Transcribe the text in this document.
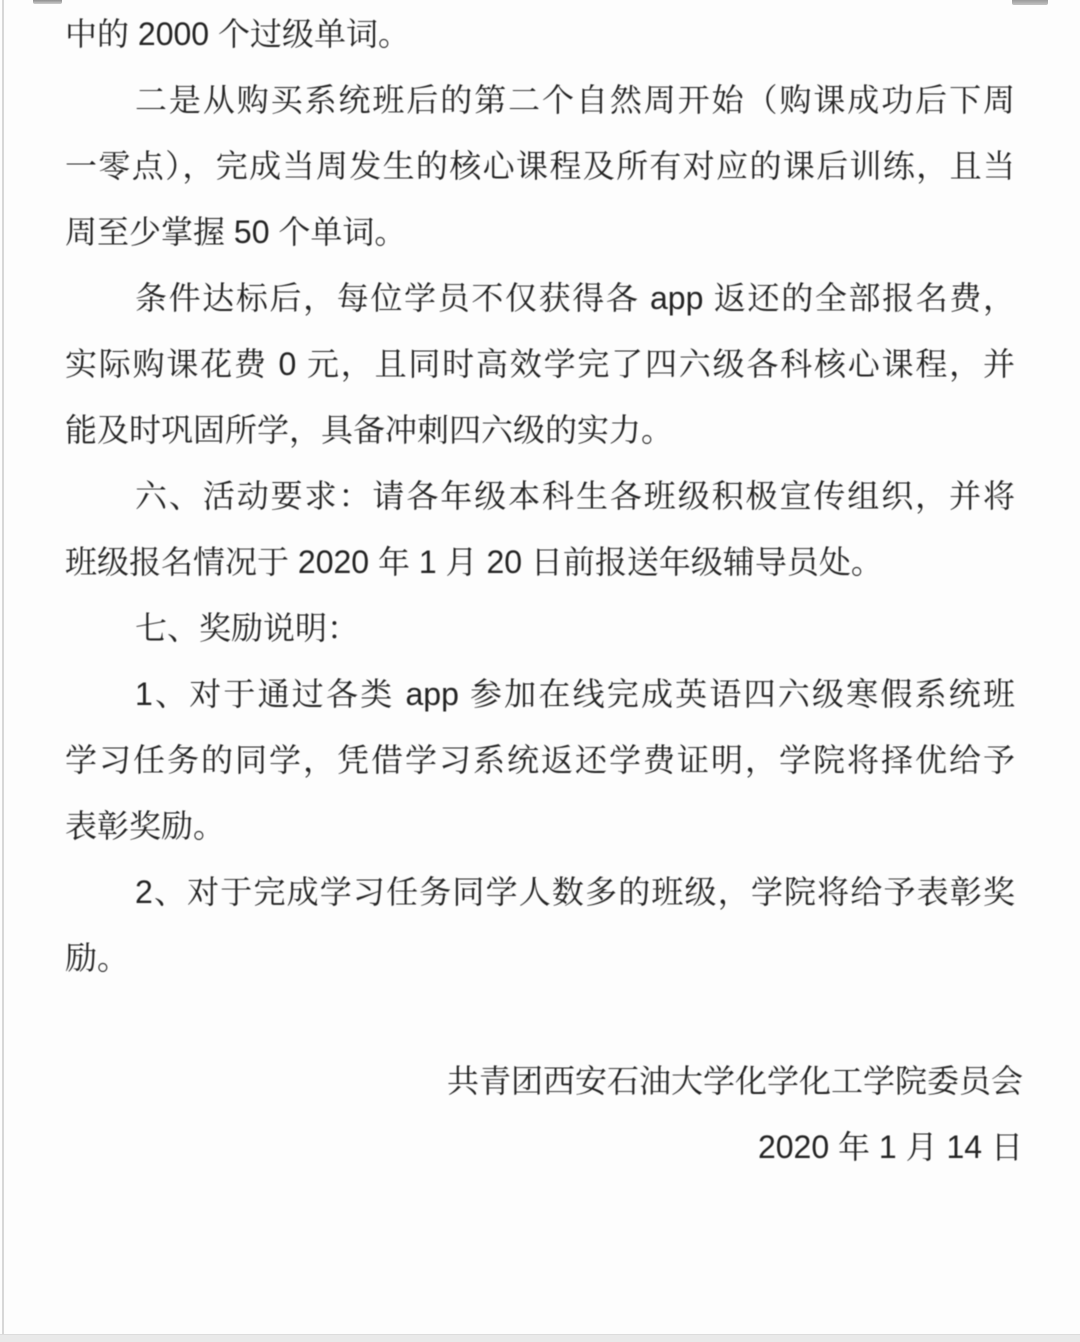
中的 2000 个过级单词。
二是从购买系统班后的第二个自然周开始（购课成功后下周
一零点），完成当周发生的核心课程及所有对应的课后训练，且当
周至少掌握 50 个单词。
条件达标后，每位学员不仅获得各 app 返还的全部报名费，
实际购课花费 0 元，且同时高效学完了四六级各科核心课程，并
能及时巩固所学，具备冲刺四六级的实力。
六、活动要求：请各年级本科生各班级积极宣传组织，并将
班级报名情况于 2020 年 1 月 20 日前报送年级辅导员处。
七、奖励说明：
1、对于通过各类 app 参加在线完成英语四六级寒假系统班
学习任务的同学，凭借学习系统返还学费证明，学院将择优给予
表彰奖励。
2、对于完成学习任务同学人数多的班级，学院将给予表彰奖
励。
共青团西安石油大学化学化工学院委员会
2020 年 1 月 14 日
